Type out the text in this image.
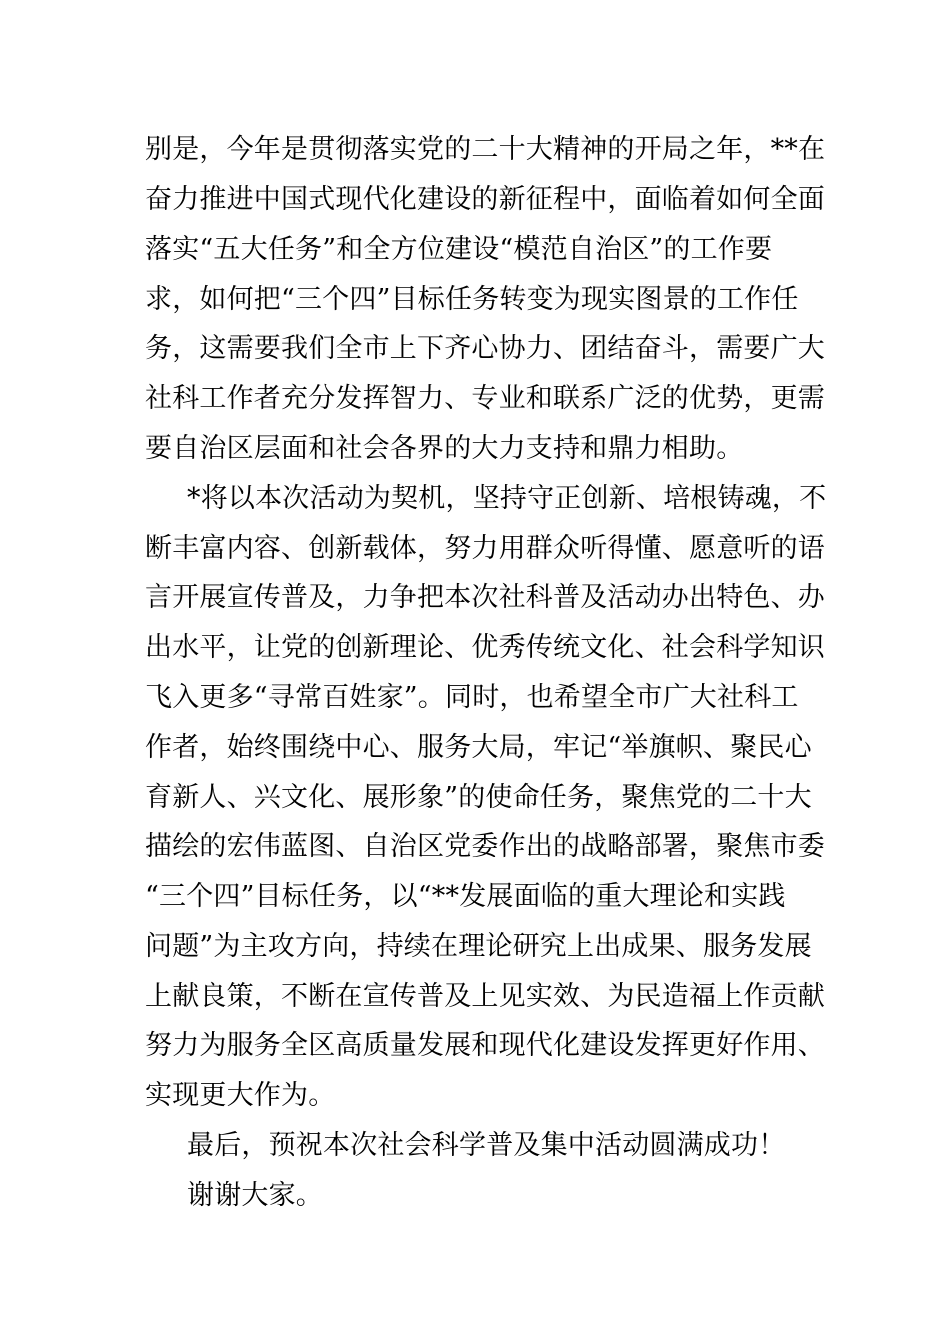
别是，今年是贯彻落实党的二十大精神的开局之年，**在
奋力推进中国式现代化建设的新征程中，面临着如何全面
落实“五大任务”和全方位建设“模范自治区”的工作要
求，如何把“三个四”目标任务转变为现实图景的工作任
务，这需要我们全市上下齐心协力、团结奋斗，需要广大
社科工作者充分发挥智力、专业和联系广泛的优势，更需
要自治区层面和社会各界的大力支持和鼎力相助。
*将以本次活动为契机，坚持守正创新、培根铸魂，不
断丰富内容、创新载体，努力用群众听得懂、愿意听的语
言开展宣传普及，力争把本次社科普及活动办出特色、办
出水平，让党的创新理论、优秀传统文化、社会科学知识
飞入更多“寻常百姓家”。同时，也希望全市广大社科工
作者，始终围绕中心、服务大局，牢记“举旗帜、聚民心
育新人、兴文化、展形象”的使命任务，聚焦党的二十大
描绘的宏伟蓝图、自治区党委作出的战略部署，聚焦市委
“三个四”目标任务，以“**发展面临的重大理论和实践
问题”为主攻方向，持续在理论研究上出成果、服务发展
上献良策，不断在宣传普及上见实效、为民造福上作贡献
努力为服务全区高质量发展和现代化建设发挥更好作用、
实现更大作为。
最后，预祝本次社会科学普及集中活动圆满成功！
谢谢大家。
